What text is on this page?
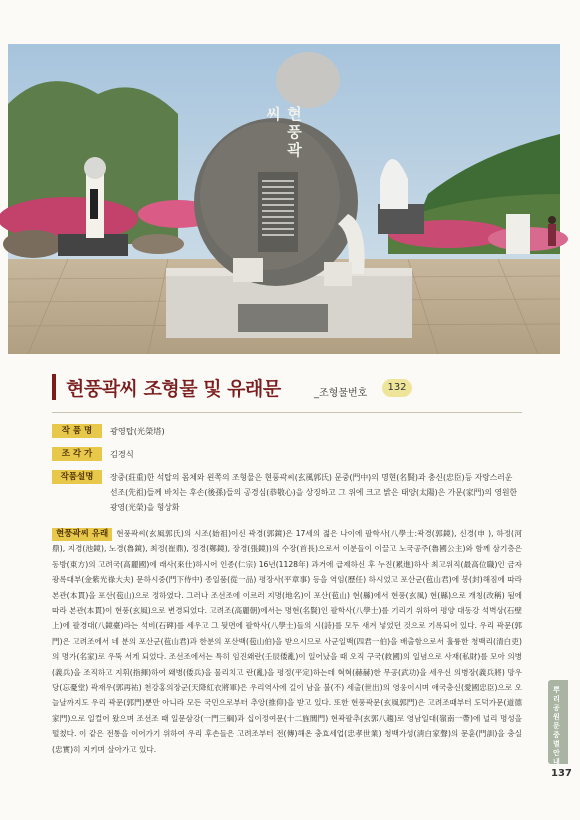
현풍곽씨
현풍곽씨 조형물 및 유래문	_조형물번호
132
작 품 명	광영탑(光榮塔)
조 각 가	김경식
작품설명	장중(莊重)한 석탑의 몸체와 왼쪽의 조형물은 현풍곽씨(玄風郭氏) 문중(門中)의 명현(名賢)과 충신(忠臣)등 자랑스러운 선조(先祖)들께 바치는 후손(後孫)들의 공경심(恭敬心)을 상징하고 그 위에 크고 밝은 태양(太陽)은 가문(家門)의 영원한 광영(光榮)을 형상화
현풍곽씨 유래 현풍곽씨(玄風郭氏)의 시조(始祖)이신 곽경(郭鏡)은 17세의 젊은 나이에 팔학사(八學士:곽경(郭鏡), 신경(申 ), 하정(河鼎), 지경(池鏡), 노경(魯鏡), 최정(崔鼎), 정경(鄭鏡), 장경(張鏡))의 수장(首長)으로서 이분들이 이끌고 노국공주(魯國公主)와 함께 삼기층은 동방(東方)의 고려국(高麗國)에 래사(來仕)하시어 인종(仁宗) 16년(1128年) 과거에 급제하신 후 누진(累進)하사 최고위직(最高位職)인 금자광록대부(金紫光祿大夫) 문하시중(門下侍中) 종일품(從一品) 평장사(平章事) 등을 역임(歷任) 하시었고 포산군(苞山君)에 봉(封)해짐에 따라 본관(本貫)을 포산(苞山)으로 정하였다. 그러나 조선조에 이르러 지명(地名)이 포산(苞山) 현(縣)에서 현풍(玄風) 현(縣)으로 개칭(改稱) 됨에 따라 본관(本貫)이 현풍(玄風)으로 변경되었다. 고려조(高麗朝)에서는 명현(名賢)인 팔학사(八學士)를 기리기 위하여 평양 대동강 석벽상(石壁上)에 팔경대(八鏡臺)라는 석비(石碑)를 세우고 그 뒷면에 팔학사(八學士)들의 시(詩)를 모두 새겨 넣었던 것으로 기록되어 있다. 우리 곽문(郭門)은 고려조에서 네 분의 포산군(苞山君)과 한분의 포산백(苞山伯)을 받으시므로 사군일백(四君一伯)을 배출함으로서 훌륭한 청백리(清白吏)의 명가(名家)로 우뚝 서게 되었다. 조선조에서는 특히 임진왜란(壬辰倭亂)이 일어났을 때 오직 구국(救國)의 일념으로 사재(私財)를 모아 의병(義兵)을 조직하고 지휘(指揮)하여 왜병(倭兵)을 물리치고 란(亂)을 평정(平定)하는데 혁혁(赫赫)한 무공(武功)을 세우신 의병장(義兵將) 망우당(忘憂堂) 곽재우(郭再祐) 천강홍의장군(天降紅衣將軍)은 우리역사에 길이 남을 불(不) 세출(世出)의 영웅이시며 애국충신(愛國忠臣)으로 오늘날까지도 우리 곽문(郭門)뿐만 아니라 모든 국민으로부터 추앙(推仰)을 받고 있다. 또한 현풍곽문(玄風郭門)은 고려조때부터 도덕가문(道德家門)으로 일컬어 왔으며 조선조 때 일문삼강(一門三綱)과 십이정여문(十二旌閭門) 현곽팔추(玄郭八趨)로 영남일대(嶺南一帶)에 널리 명성을 떨쳤다. 이 같은 전통을 이어가기 위하여 우리 후손들은 고려조부터 전(傳)해온 충효세업(忠孝世業) 청백가성(淸白家聲)의 문훈(門訓)을 충실(忠實)히 지키며 살아가고 있다.
뿌리공원 문중별 안내
137
